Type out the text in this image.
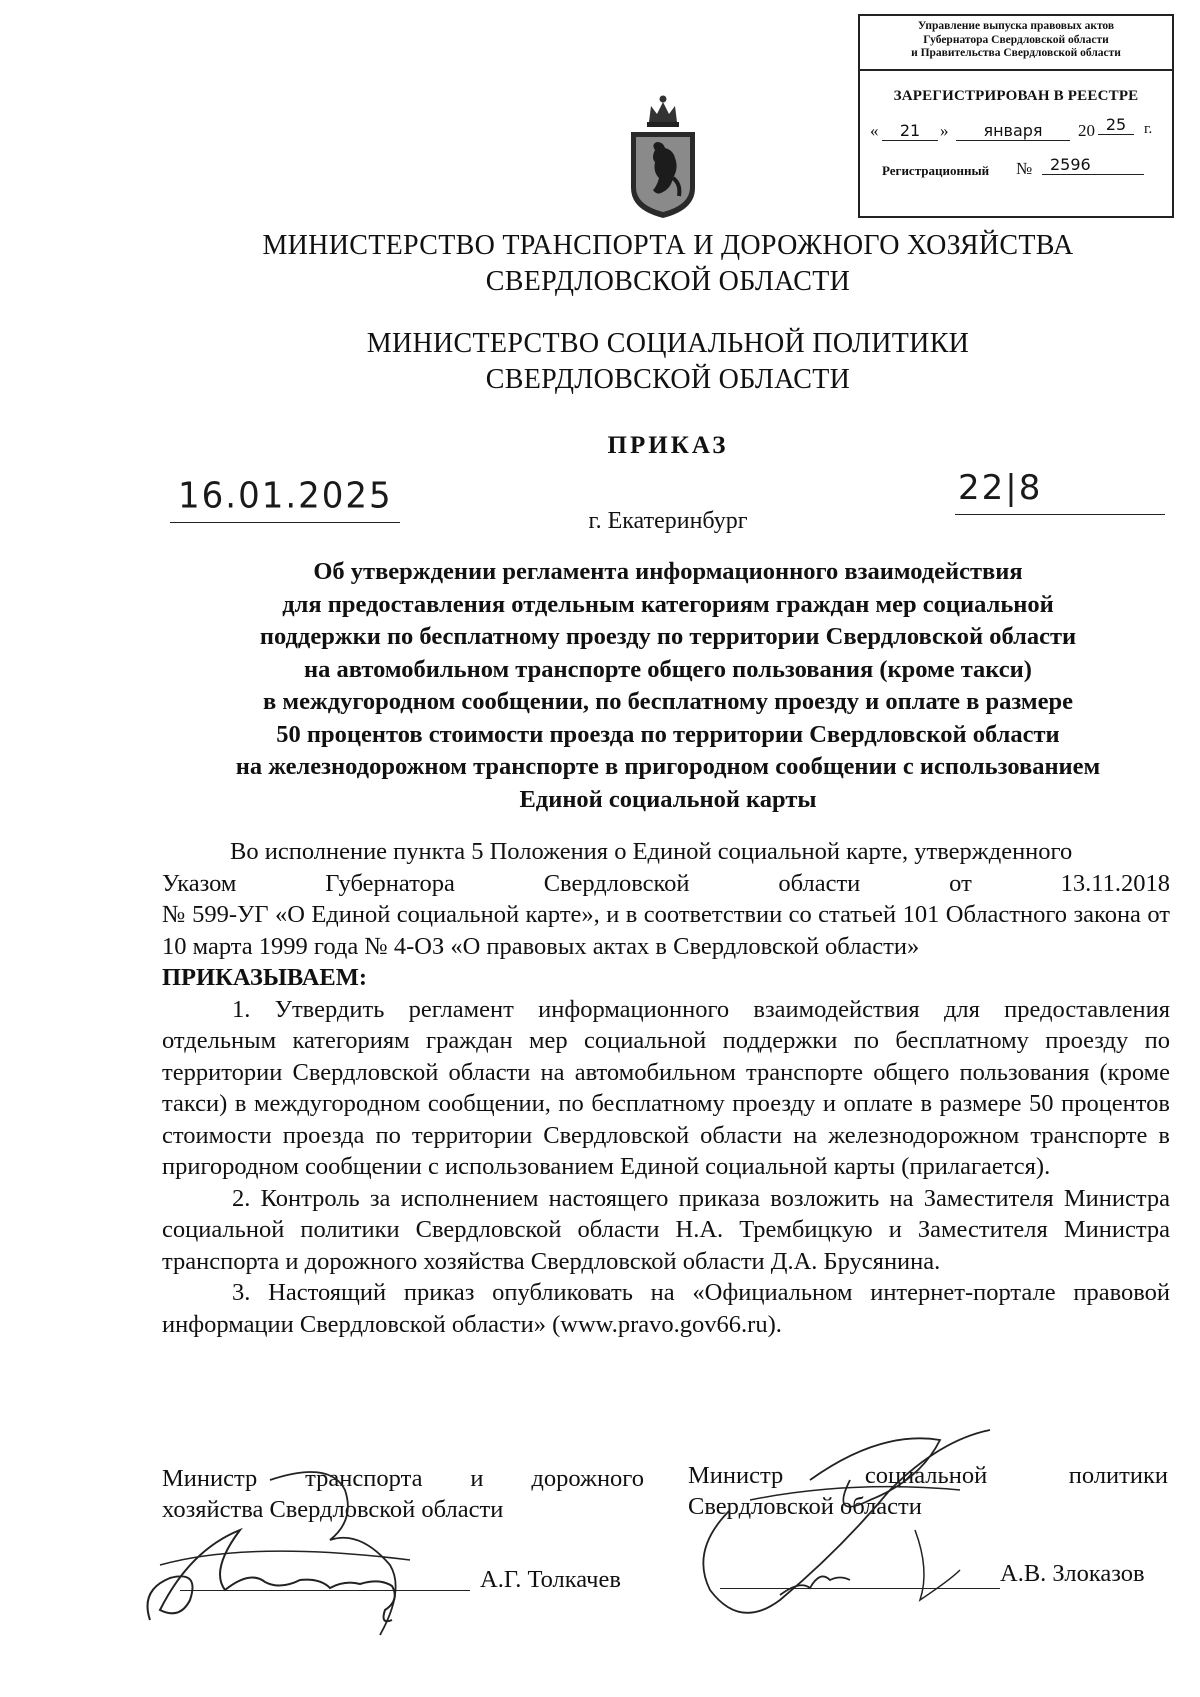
Управление выпуска правовых актов
Губернатора Свердловской области
и Правительства Свердловской области
ЗАРЕГИСТРИРОВАН В РЕЕСТРЕ
«	21	»	января	20 25	г.
Регистрационный №	2596
МИНИСТЕРСТВО ТРАНСПОРТА И ДОРОЖНОГО ХОЗЯЙСТВА
СВЕРДЛОВСКОЙ ОБЛАСТИ
МИНИСТЕРСТВО СОЦИАЛЬНОЙ ПОЛИТИКИ
СВЕРДЛОВСКОЙ ОБЛАСТИ
ПРИКАЗ
16.01.2025	22|8
г. Екатеринбург
Об утверждении регламента информационного взаимодействия
для предоставления отдельным категориям граждан мер социальной
поддержки по бесплатному проезду по территории Свердловской области
на автомобильном транспорте общего пользования (кроме такси)
в междугородном сообщении, по бесплатному проезду и оплате в размере
50 процентов стоимости проезда по территории Свердловской области
на железнодорожном транспорте в пригородном сообщении с использованием
Единой социальной карты

Во исполнение пункта 5 Положения о Единой социальной карте, утвержденного

Указом Губернатора Свердловской области от 13.11.2018

№ 599-УГ «О Единой социальной карте», и в соответствии со статьей 101 Областного закона от 10 марта 1999 года № 4-ОЗ «О правовых актах в Свердловской области»

ПРИКАЗЫВАЕМ:

1. Утвердить регламент информационного взаимодействия для предоставления отдельным категориям граждан мер социальной поддержки по бесплатному проезду по территории Свердловской области на автомобильном транспорте общего пользования (кроме такси) в междугородном сообщении, по бесплатному проезду и оплате в размере 50 процентов стоимости проезда по территории Свердловской области на железнодорожном транспорте в пригородном сообщении с использованием Единой социальной карты (прилагается).

2. Контроль за исполнением настоящего приказа возложить на Заместителя Министра социальной политики Свердловской области Н.А. Трембицкую и Заместителя Министра транспорта и дорожного хозяйства Свердловской области Д.А. Брусянина.

3. Настоящий приказ опубликовать на «Официальном интернет-портале правовой информации Свердловской области» (www.pravo.gov66.ru).

Министр транспорта и дорожного
хозяйства Свердловской области
А.Г. Толкачев
Министр социальной политики
Свердловской области
А.В. Злоказов
